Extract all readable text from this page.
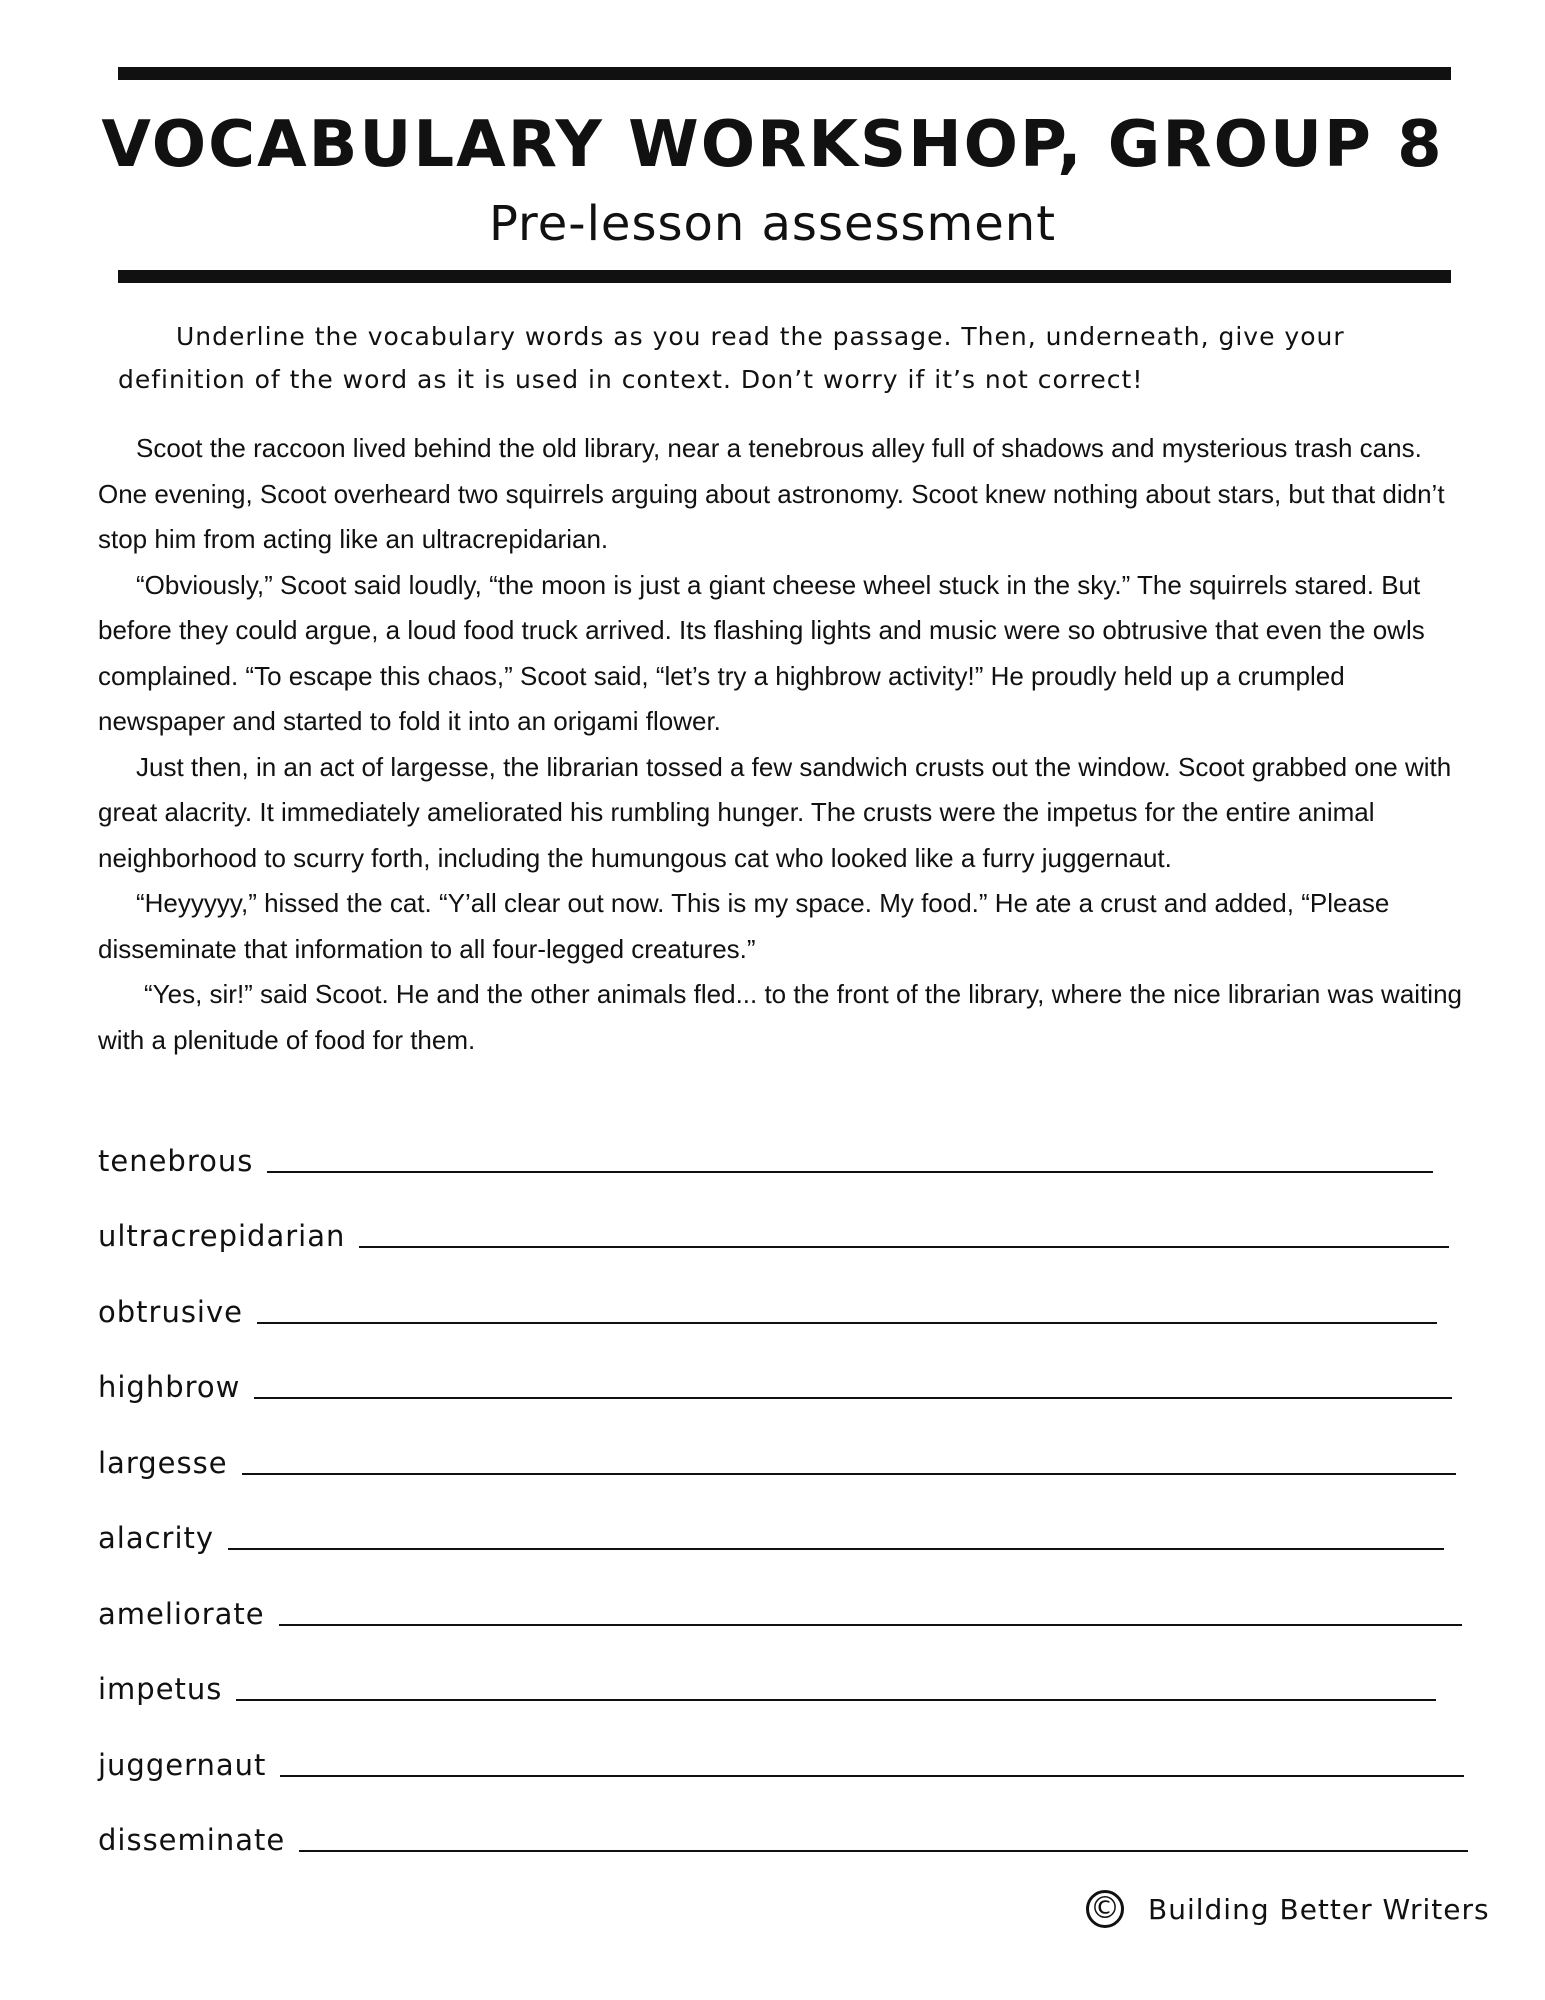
VOCABULARY WORKSHOP, GROUP 8
Pre-lesson assessment
Underline the vocabulary words as you read the passage. Then, underneath, give your definition of the word as it is used in context. Don’t worry if it’s not correct!

Scoot the raccoon lived behind the old library, near a tenebrous alley full of shadows and mysterious trash cans. One evening, Scoot overheard two squirrels arguing about astronomy. Scoot knew nothing about stars, but that didn’t stop him from acting like an ultracrepidarian.

“Obviously,” Scoot said loudly, “the moon is just a giant cheese wheel stuck in the sky.” The squirrels stared. But before they could argue, a loud food truck arrived. Its flashing lights and music were so obtrusive that even the owls complained. “To escape this chaos,” Scoot said, “let’s try a highbrow activity!” He proudly held up a crumpled newspaper and started to fold it into an origami flower.

Just then, in an act of largesse, the librarian tossed a few sandwich crusts out the window. Scoot grabbed one with great alacrity. It immediately ameliorated his rumbling hunger. The crusts were the impetus for the entire animal neighborhood to scurry forth, including the humungous cat who looked like a furry juggernaut.

“Heyyyyy,” hissed the cat. “Y’all clear out now. This is my space. My food.” He ate a crust and added, “Please disseminate that information to all four-legged creatures.”

“Yes, sir!” said Scoot. He and the other animals fled... to the front of the library, where the nice librarian was waiting with a plenitude of food for them.

tenebrous
ultracrepidarian
obtrusive
highbrow
largesse
alacrity
ameliorate
impetus
juggernaut
disseminate
© Building Better Writers
